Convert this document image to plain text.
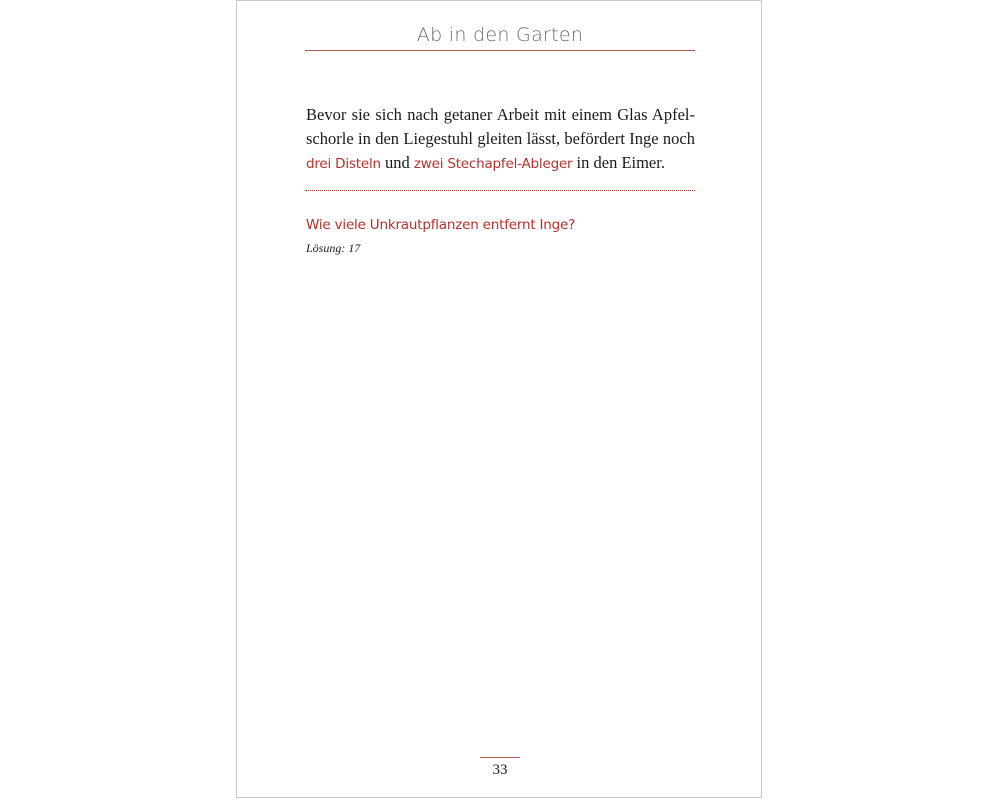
Ab in den Garten

Bevor sie sich nach getaner Arbeit mit einem Glas Apfelschorle in den Liegestuhl gleiten lässt, befördert Inge noch drei Disteln und zwei Stechapfel-Ableger in den Eimer.

Wie viele Unkrautpflanzen entfernt Inge?
Lösung: 17
33
